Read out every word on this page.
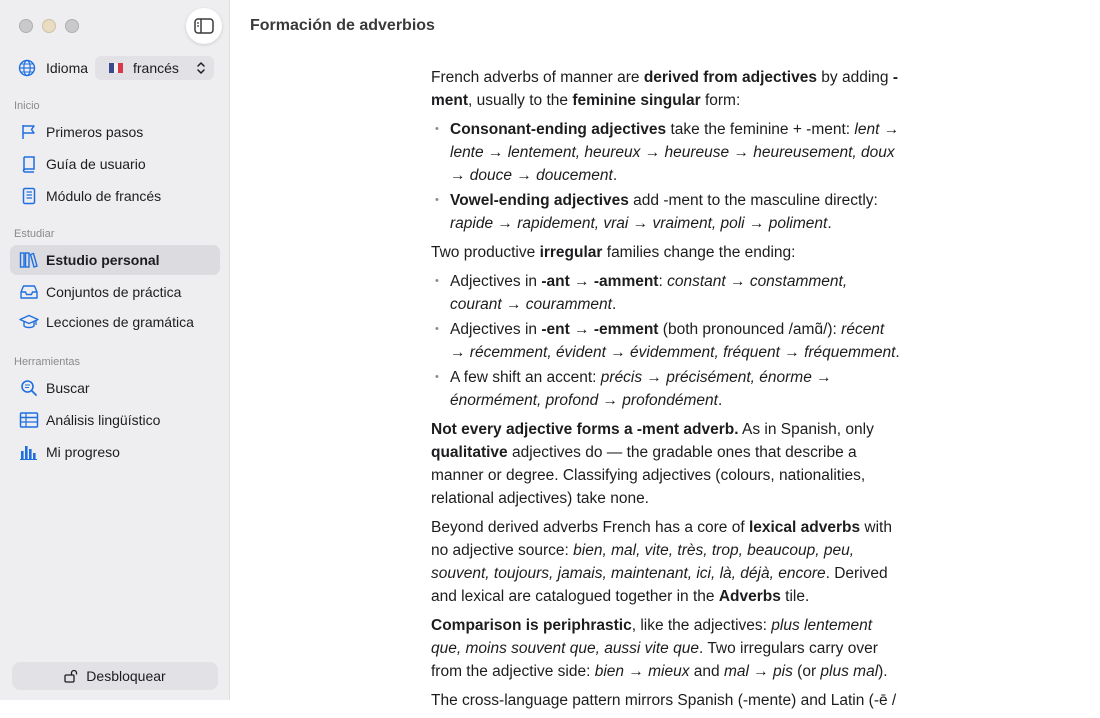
Idioma	francés
Inicio
Primeros pasos
Guía de usuario
Módulo de francés
Estudiar
Estudio personal
Conjuntos de práctica
Lecciones de gramática
Herramientas
Buscar
Análisis lingüístico
Mi progreso
Desbloquear
Formación de adverbios

French adverbs of manner are derived from adjectives by adding -ment, usually to the feminine singular form:

• Consonant-ending adjectives take the feminine + -ment: lent → lente → lentement, heureux → heureuse → heureusement, doux → douce → doucement.
• Vowel-ending adjectives add -ment to the masculine directly: rapide → rapidement, vrai → vraiment, poli → poliment.

Two productive irregular families change the ending:

• Adjectives in -ant → -amment: constant → constamment, courant → couramment.
• Adjectives in -ent → -emment (both pronounced /amɑ̃/): récent → récemment, évident → évidemment, fréquent → fréquemment.
• A few shift an accent: précis → précisément, énorme → énormément, profond → profondément.

Not every adjective forms a -ment adverb. As in Spanish, only qualitative adjectives do — the gradable ones that describe a manner or degree. Classifying adjectives (colours, nationalities, relational adjectives) take none.

Beyond derived adverbs French has a core of lexical adverbs with no adjective source: bien, mal, vite, très, trop, beaucoup, peu, souvent, toujours, jamais, maintenant, ici, là, déjà, encore. Derived and lexical are catalogued together in the Adverbs tile.

Comparison is periphrastic, like the adjectives: plus lentement que, moins souvent que, aussi vite que. Two irregulars carry over from the adjective side: bien → mieux and mal → pis (or plus mal).

The cross-language pattern mirrors Spanish (-mente) and Latin (-ē /
